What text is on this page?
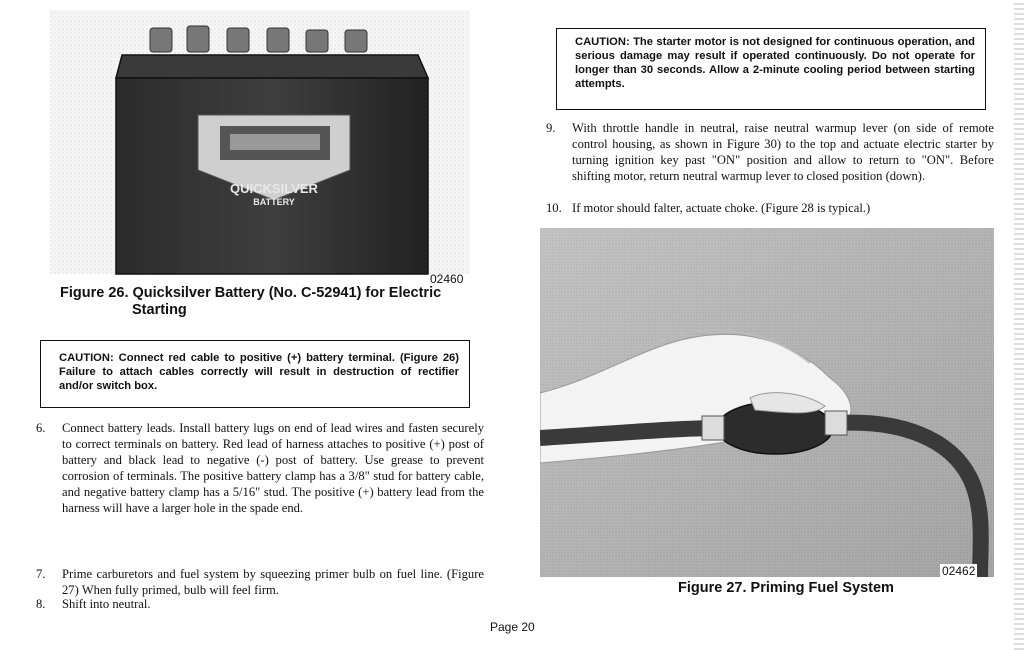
QUICKSILVER
BATTERY
02460
Figure 26. Quicksilver Battery (No. C-52941) for Electric
Starting
CAUTION: Connect red cable to positive (+) battery terminal. (Figure 26) Failure to attach cables correctly will result in destruction of rectifier and/or switch box.
6. Connect battery leads. Install battery lugs on end of lead wires and fasten securely to correct terminals on battery. Red lead of harness attaches to positive (+) post of battery and black lead to negative (-) post of battery. Use grease to prevent corrosion of terminals. The positive battery clamp has a 3/8" stud for battery cable, and negative battery clamp has a 5/16" stud. The positive (+) battery lead from the harness will have a larger hole in the spade end.
7. Prime carburetors and fuel system by squeezing primer bulb on fuel line. (Figure 27) When fully primed, bulb will feel firm.
8. Shift into neutral.
CAUTION: The starter motor is not designed for continuous operation, and serious damage may result if operated continuously. Do not operate for longer than 30 seconds. Allow a 2-minute cooling period between starting attempts.
9. With throttle handle in neutral, raise neutral warmup lever (on side of remote control housing, as shown in Figure 30) to the top and actuate electric starter by turning ignition key past "ON" position and allow to return to "ON". Before shifting motor, return neutral warmup lever to closed position (down).
10. If motor should falter, actuate choke. (Figure 28 is typical.)
02462
Figure 27. Priming Fuel System
Page 20
